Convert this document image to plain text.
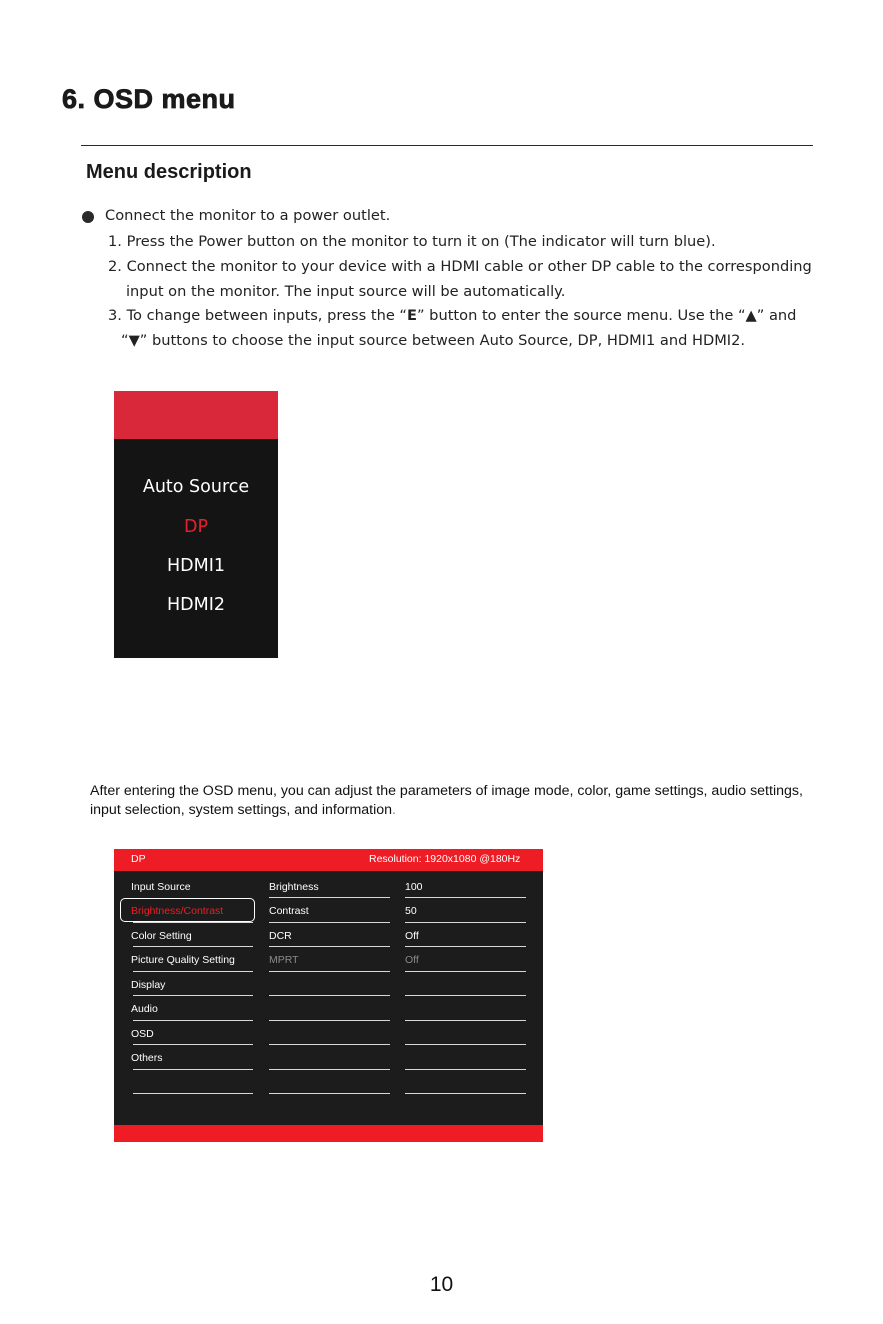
6. OSD menu
Menu description
Connect the monitor to a power outlet.
1. Press the Power button on the monitor to turn it on (The indicator will turn blue).
2. Connect the monitor to your device with a HDMI cable or other DP cable to the corresponding
input on the monitor. The input source will be automatically.
3. To change between inputs, press the “E” button to enter the source menu. Use the “▲” and
“▼” buttons to choose the input source between Auto Source, DP, HDMI1 and HDMI2.
Auto Source
DP
HDMI1
HDMI2
After entering the OSD menu, you can adjust the parameters of image mode, color, game settings, audio settings, input selection, system settings, and information.
DP	Resolution: 1920x1080 @180Hz
Input Source
Brightness/Contrast
Color Setting
Picture Quality Setting
Display
Audio
OSD
Others
Brightness
Contrast
DCR
MPRT
100
50
Off
Off
10
